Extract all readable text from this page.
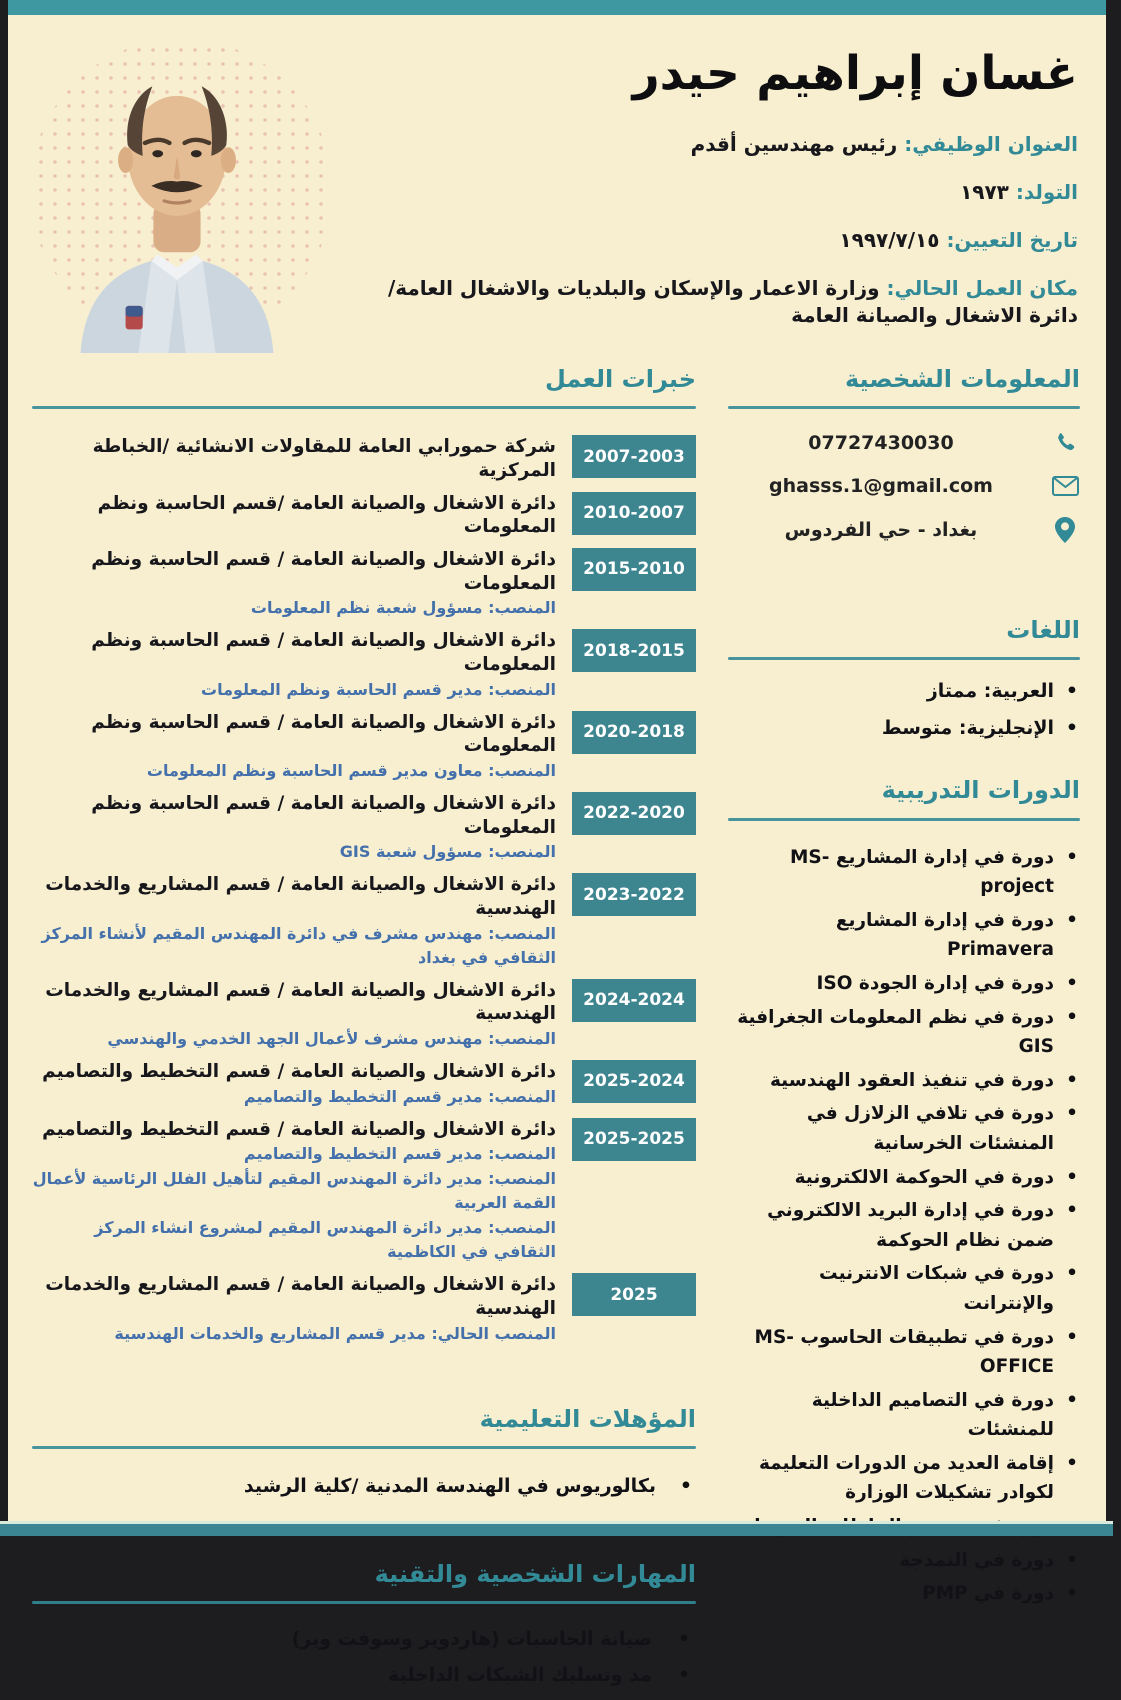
غسان إبراهيم حيدر

العنوان الوظيفي: رئيس مهندسين أقدم

التولد: ١٩٧٣

تاريخ التعيين: ١٩٩٧/٧/١٥

مكان العمل الحالي: وزارة الاعمار والإسكان والبلديات والاشغال العامة/دائرة الاشغال والصيانة العامة

المعلومات الشخصية
07727430030
ghasss.1@gmail.com
بغداد - حي الفردوس
اللغات
• العربية: ممتاز
• الإنجليزية: متوسط
الدورات التدريبية
• دورة في إدارة المشاريع MS-project
• دورة في إدارة المشاريع Primavera
• دورة في إدارة الجودة ISO
• دورة في نظم المعلومات الجغرافية GIS
• دورة في تنفيذ العقود الهندسية
• دورة في تلافي الزلازل في المنشئات الخرسانية
• دورة في الحوكمة الالكترونية
• دورة في إدارة البريد الالكتروني ضمن نظام الحوكمة
• دورة في شبكات الانترنيت والإنترانت
• دورة في تطبيقات الحاسوب MS-OFFICE
• دورة في التصاميم الداخلية للمنشئات
• إقامة العديد من الدورات التعليمة لكوادر تشكيلات الوزارة
•
• دورة في النمذجة
• دورة في PMP
خبرات العمل
2007-2003
شركة حمورابي العامة للمقاولات الانشائية /الخباطة المركزية
2010-2007
دائرة الاشغال والصيانة العامة /قسم الحاسبة ونظم المعلومات
2015-2010
دائرة الاشغال والصيانة العامة / قسم الحاسبة ونظم المعلومات
المنصب: مسؤول شعبة نظم المعلومات
2018-2015
دائرة الاشغال والصيانة العامة / قسم الحاسبة ونظم المعلومات
المنصب: مدير قسم الحاسبة ونظم المعلومات
2020-2018
دائرة الاشغال والصيانة العامة / قسم الحاسبة ونظم المعلومات
المنصب: معاون مدير قسم الحاسبة ونظم المعلومات
2022-2020
دائرة الاشغال والصيانة العامة / قسم الحاسبة ونظم المعلومات
المنصب: مسؤول شعبة GIS
2023-2022
دائرة الاشغال والصيانة العامة / قسم المشاريع والخدمات الهندسية
المنصب: مهندس مشرف في دائرة المهندس المقيم لأنشاء المركز الثقافي في بغداد
2024-2024
دائرة الاشغال والصيانة العامة / قسم المشاريع والخدمات الهندسية
المنصب: مهندس مشرف لأعمال الجهد الخدمي والهندسي
2025-2024
دائرة الاشغال والصيانة العامة / قسم التخطيط والتصاميم
المنصب: مدير قسم التخطيط والتصاميم
2025-2025
دائرة الاشغال والصيانة العامة / قسم التخطيط والتصاميم
المنصب: مدير قسم التخطيط والتصاميم
المنصب: مدير دائرة المهندس المقيم لتأهيل الفلل الرئاسية لأعمال القمة العربية
المنصب: مدير دائرة المهندس المقيم لمشروع انشاء المركز الثقافي في الكاظمية
2025
دائرة الاشغال والصيانة العامة / قسم المشاريع والخدمات الهندسية
المنصب الحالي: مدير قسم المشاريع والخدمات الهندسية
المؤهلات التعليمية
• بكالوريوس في الهندسة المدنية /كلية الرشيد
المهارات الشخصية والتقنية
• صيانة الحاسبات (هاردوير وسوفت وير)
• مد وتسليك الشبكات الداخلية
